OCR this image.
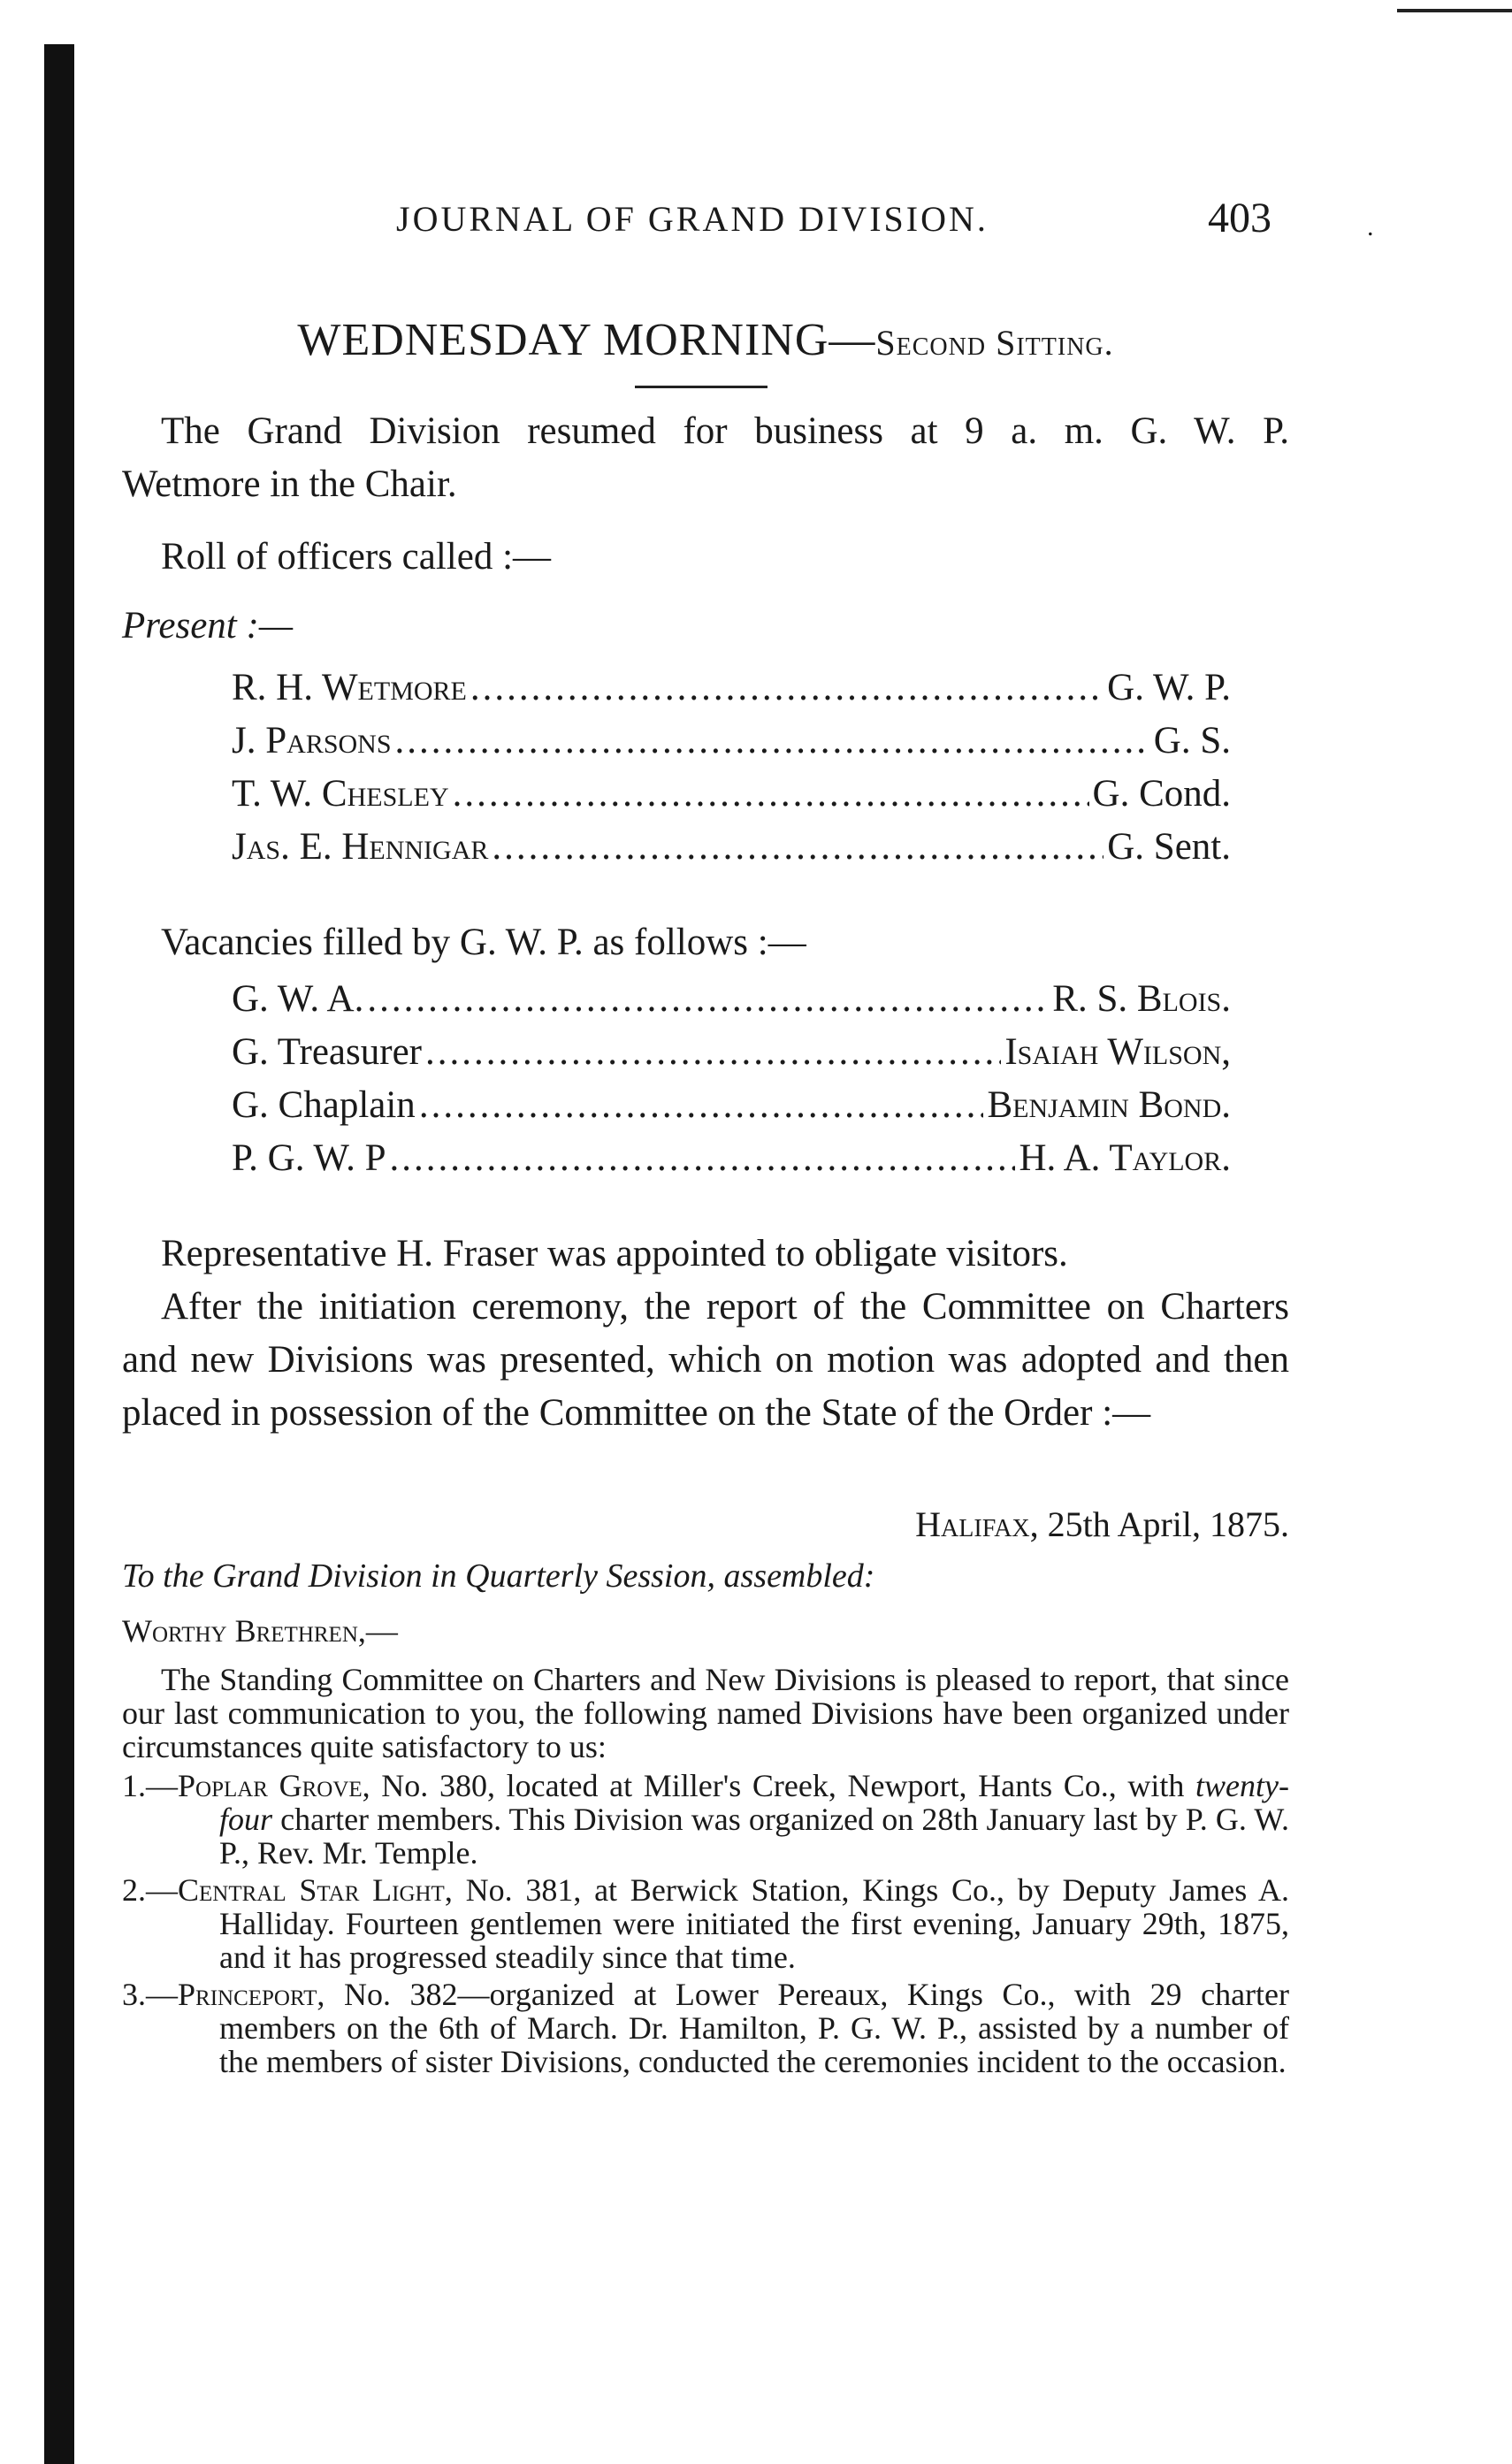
JOURNAL OF GRAND DIVISION.	403	.
WEDNESDAY MORNING—Second Sitting.
The Grand Division resumed for business at 9 a. m. G. W. P.
Wetmore in the Chair.
Roll of officers called :—
Present :—
R. H. Wetmore .....	G. W. P.
J. Parsons .....	G. S.
T. W. Chesley .....	G. Cond.
Jas. E. Hennigar .....	G. Sent.
Vacancies filled by G. W. P. as follows :—
G. W. A. .....	R. S. Blois.
G. Treasurer .....	Isaiah Wilson,
G. Chaplain .....	Benjamin Bond.
P. G. W. P .....	H. A. Taylor.
Representative H. Fraser was appointed to obligate visitors.
After the initiation ceremony, the report of the Committee on Charters and new Divisions was presented, which on motion was adopted and then placed in possession of the Committee on the State of the Order :—
Halifax, 25th April, 1875.
To the Grand Division in Quarterly Session, assembled:
Worthy Brethren,—

The Standing Committee on Charters and New Divisions is pleased to report, that since our last communication to you, the following named Divisions have been organized under circumstances quite satisfactory to us:

1.—Poplar Grove, No. 380, located at Miller's Creek, Newport, Hants Co., with twenty-four charter members. This Division was organized on 28th January last by P. G. W. P., Rev. Mr. Temple.

2.—Central Star Light, No. 381, at Berwick Station, Kings Co., by Deputy James A. Halliday. Fourteen gentlemen were initiated the first evening, January 29th, 1875, and it has progressed steadily since that time.

3.—Princeport, No. 382—organized at Lower Pereaux, Kings Co., with 29 charter members on the 6th of March. Dr. Hamilton, P. G. W. P., assisted by a number of the members of sister Divisions, conducted the ceremonies incident to the occasion.
